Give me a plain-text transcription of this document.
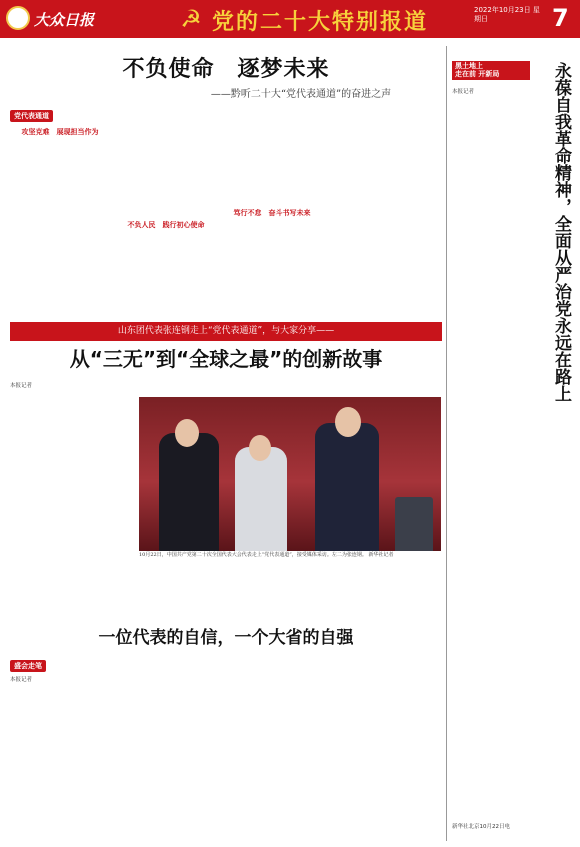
大众日报	☭ 党的二十大特别报道	2022年10月23日 星期日	7
不负使命　逐梦未来
——黔听二十大“党代表通道”的奋进之声
党代表通道
攻坚克难　展现担当作为
不负人民　践行初心使命
笃行不怠　奋斗书写未来
山东团代表张连钢走上“党代表通道”，与大家分享——
从“三无”到“全球之最”的创新故事
本报记者
10月22日，中国共产党第二十次全国代表大会代表走上“党代表通道”，接受媒体采访。左二为张连钢。 新华社记者
一位代表的自信，一个大省的自强
盛会走笔
本报记者
黑土地上
走在前 开新局	永葆自我革命精神，全面从严治党永远在路上
本报记者
新华社北京10月22日电
